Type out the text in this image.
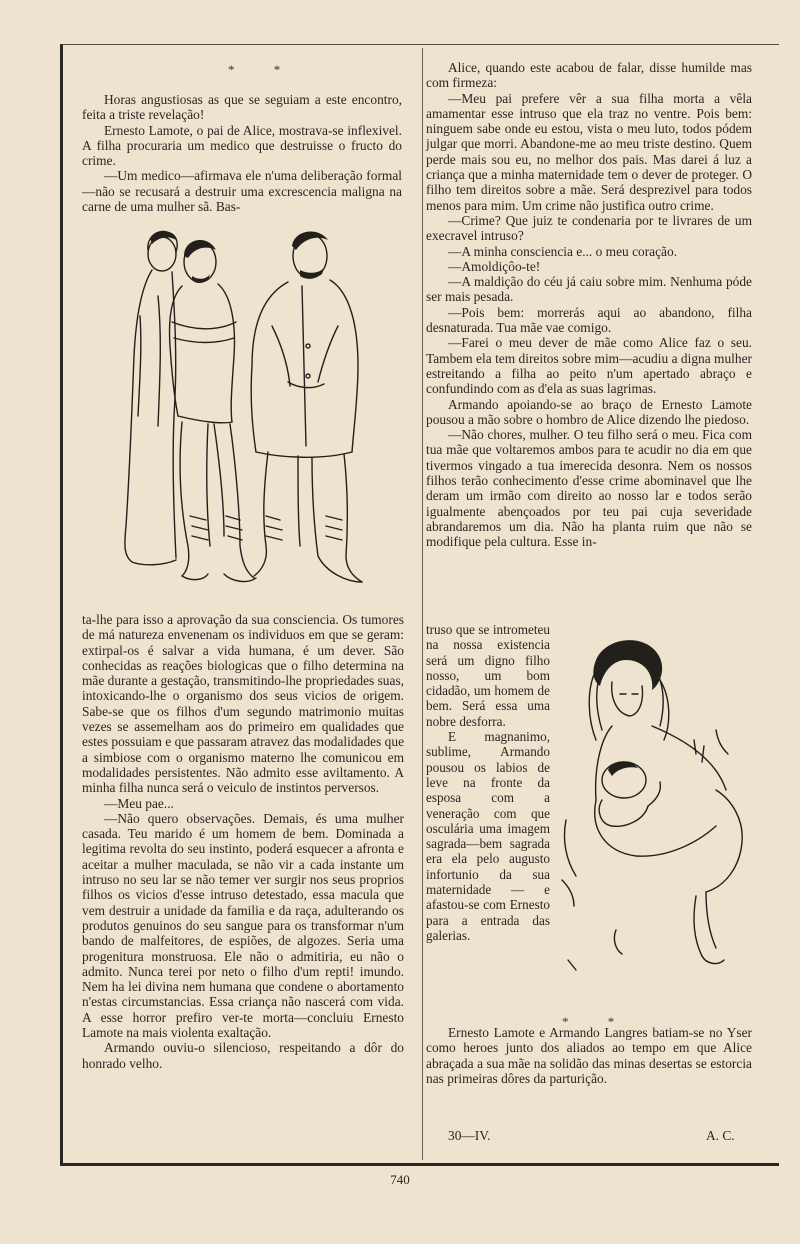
* *

Horas angustiosas as que se seguiam a este encontro, feita a triste revelação!

Ernesto Lamote, o pai de Alice, mostrava-se inflexivel. A filha procuraria um medico que destruisse o fructo do crime.

—Um medico—afirmava ele n'uma deliberação formal—não se recusará a destruir uma excrescencia maligna na carne de uma mulher sã. Bas-

ta-lhe para isso a aprovação da sua consciencia. Os tumores de má natureza envenenam os individuos em que se geram: extirpal-os é salvar a vida humana, é um dever. São conhecidas as reações biologicas que o filho determina na mãe durante a gestação, transmitindo-lhe propriedades suas, intoxicando-lhe o organismo dos seus vicios de origem. Sabe-se que os filhos d'um segundo matrimonio muitas vezes se assemelham aos do primeiro em qualidades que estes possuiam e que passaram atravez das modalidades que a simbiose com o organismo materno lhe comunicou em modalidades persistentes. Não admito esse aviltamento. A minha filha nunca será o veiculo de instintos perversos.

—Meu pae...

—Não quero observações. Demais, és uma mulher casada. Teu marido é um homem de bem. Dominada a legitima revolta do seu instinto, poderá esquecer a afronta e aceitar a mulher maculada, se não vir a cada instante um intruso no seu lar se não temer ver surgir nos seus proprios filhos os vicios d'esse intruso detestado, essa macula que vem destruir a unidade da familia e da raça, adulterando os produtos genuinos do seu sangue para os transformar n'um bando de malfeitores, de espiões, de algozes. Seria uma progenitura monstruosa. Ele não o admitiria, eu não o admito. Nunca terei por neto o filho d'um repti! imundo. Nem ha lei divina nem humana que condene o abortamento n'estas circumstancias. Essa criança não nascerá com vida. A esse horror prefiro ver-te morta—concluiu Ernesto Lamote na mais violenta exaltação.

Armando ouviu-o silencioso, respeitando a dôr do honrado velho.

Alice, quando este acabou de falar, disse humilde mas com firmeza:

—Meu pai prefere vêr a sua filha morta a vêla amamentar esse intruso que ela traz no ventre. Pois bem: ninguem sabe onde eu estou, vista o meu luto, todos pódem julgar que morri. Abandone-me ao meu triste destino. Quem perde mais sou eu, no melhor dos pais. Mas darei á luz a criança que a minha maternidade tem o dever de proteger. O filho tem direitos sobre a mãe. Será desprezivel para todos menos para mim. Um crime não justifica outro crime.

—Crime? Que juiz te condenaria por te livrares de um execravel intruso?

—A minha consciencia e... o meu coração.

—Amoldiçôo-te!

—A maldição do céu já caiu sobre mim. Nenhuma póde ser mais pesada.

—Pois bem: morrerás aqui ao abandono, filha desnaturada. Tua mãe vae comigo.

—Farei o meu dever de mãe como Alice faz o seu. Tambem ela tem direitos sobre mim—acudiu a digna mulher estreitando a filha ao peito n'um apertado abraço e confundindo com as d'ela as suas lagrimas.

Armando apoiando-se ao braço de Ernesto Lamote pousou a mão sobre o hombro de Alice dizendo lhe piedoso.

—Não chores, mulher. O teu filho será o meu. Fica com tua mãe que voltaremos ambos para te acudir no dia em que tivermos vingado a tua imerecida desonra. Nem os nossos filhos terão conhecimento d'esse crime abominavel que lhe deram um irmão com direito ao nosso lar e todos serão igualmente abençoados por teu pai cuja severidade abrandaremos um dia. Não ha planta ruim que não se modifique pela cultura. Esse in-

truso que se intrometeu na nossa existencia será um digno filho nosso, um bom cidadão, um homem de bem. Será essa uma nobre desforra.

E magnanimo, sublime, Armando pousou os labios de leve na fronte da esposa com a veneração com que osculária uma imagem sagrada—bem sagrada era ela pelo augusto infortunio da sua maternidade — e afastou-se com Ernesto para a entrada das galerias.

* *

Ernesto Lamote e Armando Langres batiam-se no Yser como heroes junto dos aliados ao tempo em que Alice abraçada a sua mãe na solidão das minas desertas se estorcia nas primeiras dôres da parturição.

30—IV.	A. C.
740
